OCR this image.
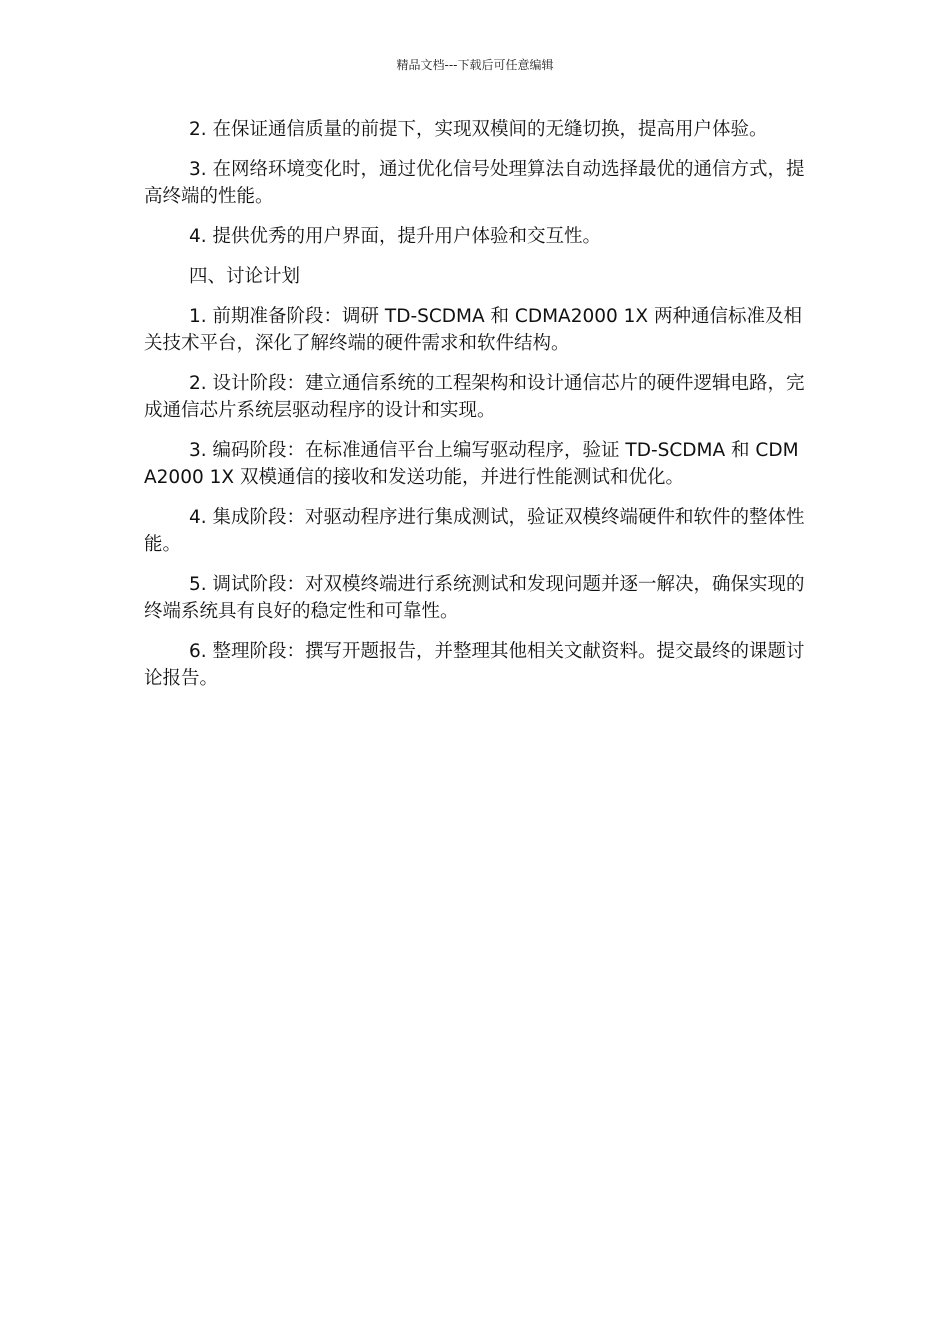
精品文档---下载后可任意编辑

2. 在保证通信质量的前提下，实现双模间的无缝切换，提高用户体验。

3. 在网络环境变化时，通过优化信号处理算法自动选择最优的通信方式，提高终端的性能。

4. 提供优秀的用户界面，提升用户体验和交互性。

四、讨论计划

1. 前期准备阶段：调研 TD-SCDMA 和 CDMA2000 1X 两种通信标准及相关技术平台，深化了解终端的硬件需求和软件结构。

2. 设计阶段：建立通信系统的工程架构和设计通信芯片的硬件逻辑电路，完成通信芯片系统层驱动程序的设计和实现。

3. 编码阶段：在标准通信平台上编写驱动程序，验证 TD-SCDMA 和 CDMA2000 1X 双模通信的接收和发送功能，并进行性能测试和优化。

4. 集成阶段：对驱动程序进行集成测试，验证双模终端硬件和软件的整体性能。

5. 调试阶段：对双模终端进行系统测试和发现问题并逐一解决，确保实现的终端系统具有良好的稳定性和可靠性。

6. 整理阶段：撰写开题报告，并整理其他相关文献资料。提交最终的课题讨论报告。
